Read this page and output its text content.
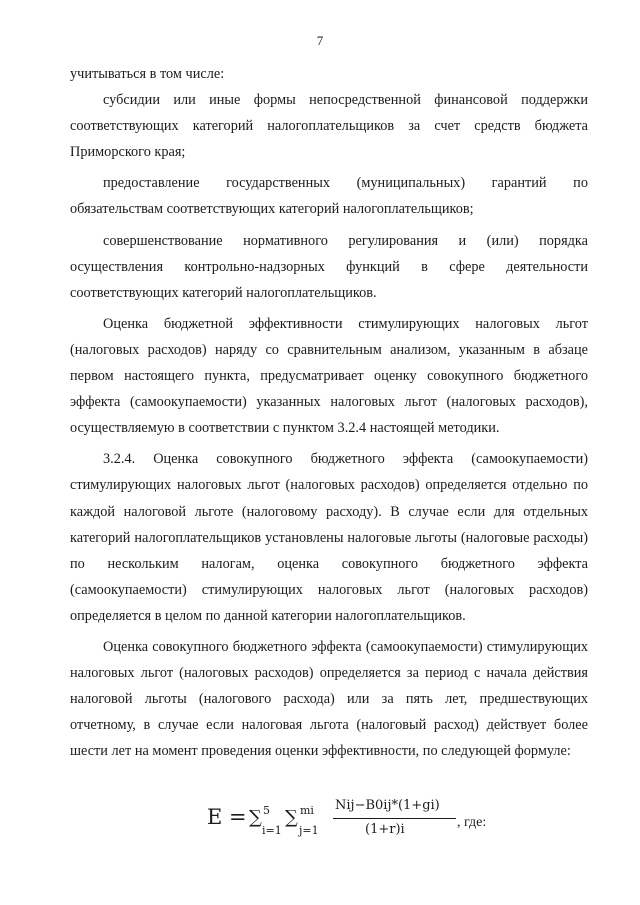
7

учитываться в том числе:

субсидии или иные формы непосредственной финансовой поддержки соответствующих категорий налогоплательщиков за счет средств бюджета Приморского края;

предоставление государственных (муниципальных) гарантий по обязательствам соответствующих категорий налогоплательщиков;

совершенствование нормативного регулирования и (или) порядка осуществления контрольно-надзорных функций в сфере деятельности соответствующих категорий налогоплательщиков.

Оценка бюджетной эффективности стимулирующих налоговых льгот (налоговых расходов) наряду со сравнительным анализом, указанным в абзаце первом настоящего пункта, предусматривает оценку совокупного бюджетного эффекта (самоокупаемости) указанных налоговых льгот (налоговых расходов), осуществляемую в соответствии с пунктом 3.2.4 настоящей методики.

3.2.4. Оценка совокупного бюджетного эффекта (самоокупаемости) стимулирующих налоговых льгот (налоговых расходов) определяется отдельно по каждой налоговой льготе (налоговому расходу). В случае если для отдельных категорий налогоплательщиков установлены налоговые льготы (налоговые расходы) по нескольким налогам, оценка совокупного бюджетного эффекта (самоокупаемости) стимулирующих налоговых льгот (налоговых расходов) определяется в целом по данной категории налогоплательщиков.

Оценка совокупного бюджетного эффекта (самоокупаемости) стимулирующих налоговых льгот (налоговых расходов) определяется за период с начала действия налоговой льготы (налогового расхода) или за пять лет, предшествующих отчетному, в случае если налоговая льгота (налоговый расход) действует более шести лет на момент проведения оценки эффективности, по следующей формуле:

E = ∑ 5
i=1
∑ mi
j=1
Nij−B0ij*(1+gi)
(1+r)i	, где:
